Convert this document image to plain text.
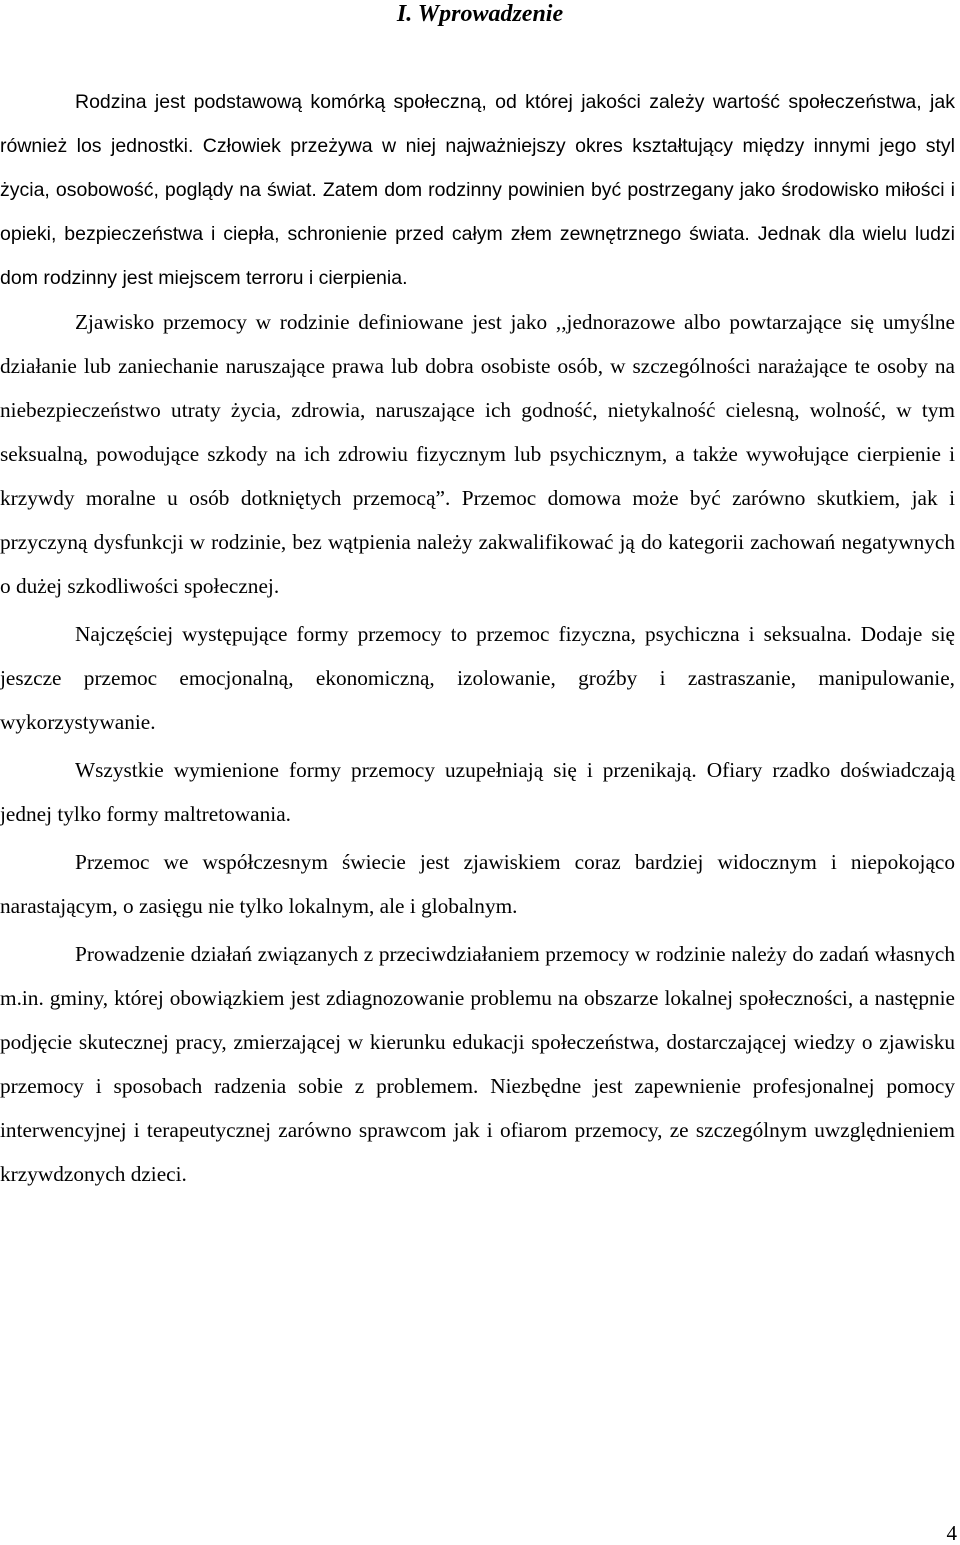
I. Wprowadzenie

Rodzina jest podstawową komórką społeczną, od której jakości zależy wartość społeczeństwa, jak również los jednostki. Człowiek przeżywa w niej najważniejszy okres kształtujący między innymi jego styl życia, osobowość, poglądy na świat. Zatem dom rodzinny powinien być postrzegany jako środowisko miłości i opieki, bezpieczeństwa i ciepła, schronienie przed całym złem zewnętrznego świata. Jednak dla wielu ludzi dom rodzinny jest miejscem terroru i cierpienia.

Zjawisko przemocy w rodzinie definiowane jest jako ,,jednorazowe albo powtarzające się umyślne działanie lub zaniechanie naruszające prawa lub dobra osobiste osób, w szczególności narażające te osoby na niebezpieczeństwo utraty życia, zdrowia, naruszające ich godność, nietykalność cielesną, wolność, w tym seksualną, powodujące szkody na ich zdrowiu fizycznym lub psychicznym, a także wywołujące cierpienie i krzywdy moralne u osób dotkniętych przemocą”. Przemoc domowa może być zarówno skutkiem, jak i przyczyną dysfunkcji w rodzinie, bez wątpienia należy zakwalifikować ją do kategorii zachowań negatywnych o dużej szkodliwości społecznej.

Najczęściej występujące formy przemocy to przemoc fizyczna, psychiczna i seksualna. Dodaje się jeszcze przemoc emocjonalną, ekonomiczną, izolowanie, groźby i zastraszanie, manipulowanie, wykorzystywanie.

Wszystkie wymienione formy przemocy uzupełniają się i przenikają. Ofiary rzadko doświadczają jednej tylko formy maltretowania.

Przemoc we współczesnym świecie jest zjawiskiem coraz bardziej widocznym i niepokojąco narastającym, o zasięgu nie tylko lokalnym, ale i globalnym.

Prowadzenie działań związanych z przeciwdziałaniem przemocy w rodzinie należy do zadań własnych m.in. gminy, której obowiązkiem jest zdiagnozowanie problemu na obszarze lokalnej społeczności, a następnie podjęcie skutecznej pracy, zmierzającej w kierunku edukacji społeczeństwa, dostarczającej wiedzy o zjawisku przemocy i sposobach radzenia sobie z problemem. Niezbędne jest zapewnienie profesjonalnej pomocy interwencyjnej i terapeutycznej zarówno sprawcom jak i ofiarom przemocy, ze szczególnym uwzględnieniem krzywdzonych dzieci.

4
